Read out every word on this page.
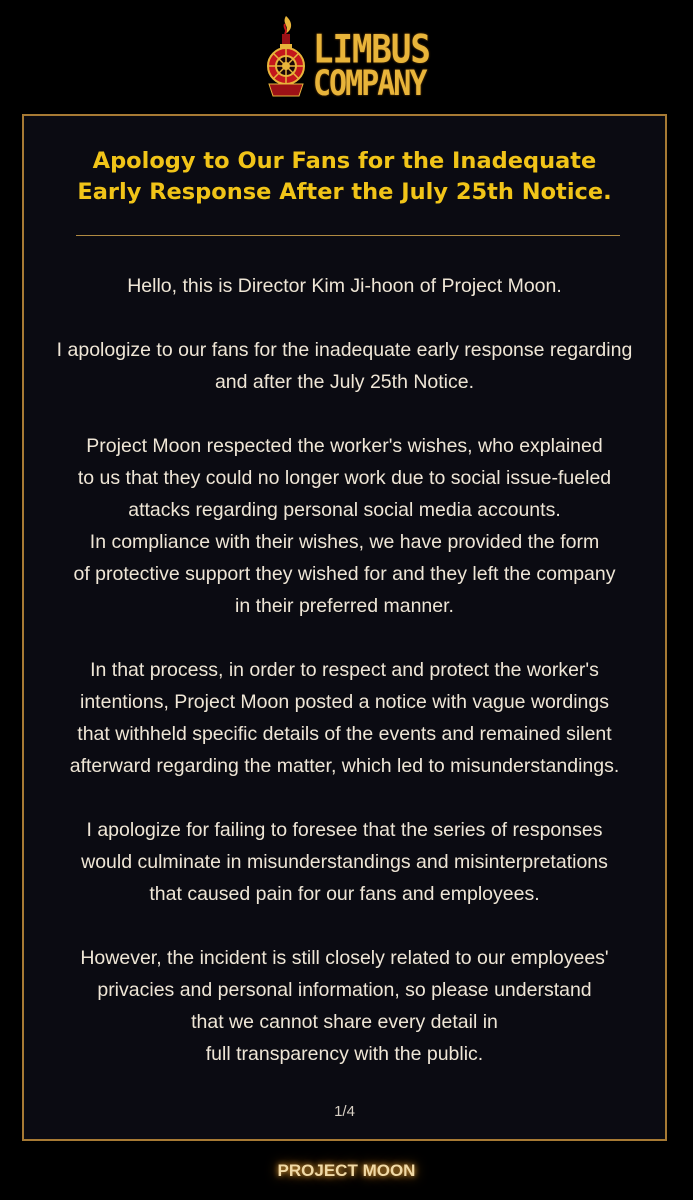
LIMBUS
COMPANY
Apology to Our Fans for the Inadequate
Early Response After the July 25th Notice.
Hello, this is Director Kim Ji-hoon of Project Moon.
I apologize to our fans for the inadequate early response regarding
and after the July 25th Notice.
Project Moon respected the worker's wishes, who explained
to us that they could no longer work due to social issue-fueled
attacks regarding personal social media accounts.
In compliance with their wishes, we have provided the form
of protective support they wished for and they left the company
in their preferred manner.
In that process, in order to respect and protect the worker's
intentions, Project Moon posted a notice with vague wordings
that withheld specific details of the events and remained silent
afterward regarding the matter, which led to misunderstandings.
I apologize for failing to foresee that the series of responses
would culminate in misunderstandings and misinterpretations
that caused pain for our fans and employees.
However, the incident is still closely related to our employees'
privacies and personal information, so please understand
that we cannot share every detail in
full transparency with the public.
1/4
PROJECT MOON
